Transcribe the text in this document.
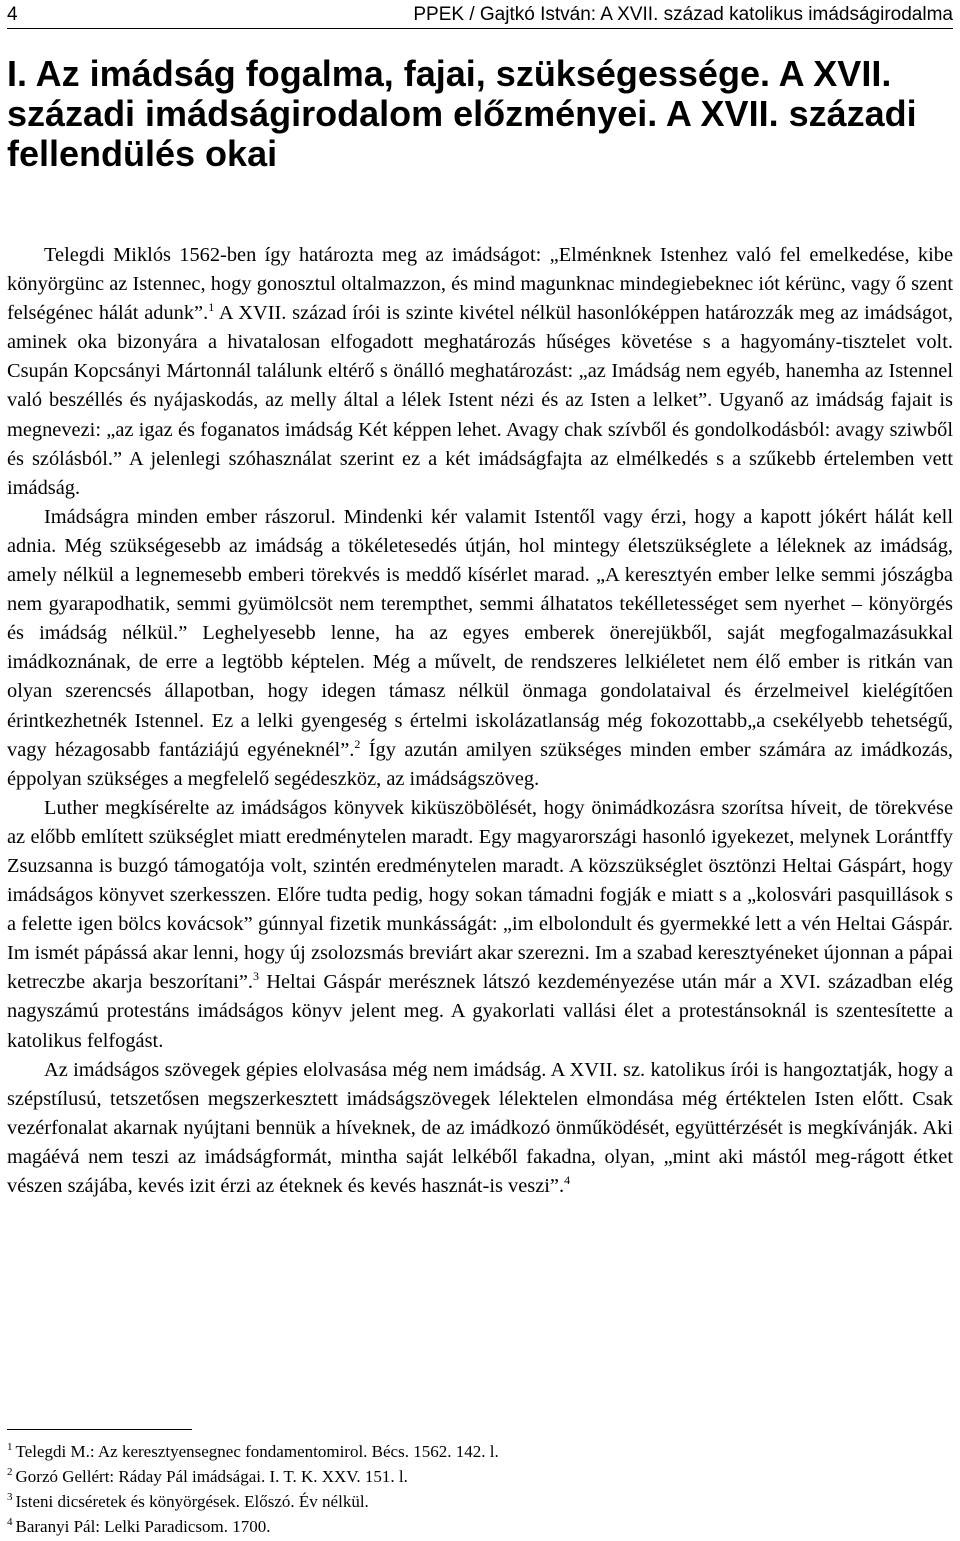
4	PPEK / Gajtkó István: A XVII. század katolikus imádságirodalma
I. Az imádság fogalma, fajai, szükségessége. A XVII. századi imádságirodalom előzményei. A XVII. századi fellendülés okai

Telegdi Miklós 1562-ben így határozta meg az imádságot: „Elménknek Istenhez való fel emelkedése, kibe könyörgünc az Istennec, hogy gonosztul oltalmazzon, és mind magunknac mindegiebeknec iót kérünc, vagy ő szent felségénec hálát adunk”.$^1$ A XVII. század írói is szinte kivétel nélkül hasonlóképpen határozzák meg az imádságot, aminek oka bizonyára a hivatalosan elfogadott meghatározás hűséges követése s a hagyomány-tisztelet volt. Csupán Kopcsányi Mártonnál találunk eltérő s önálló meghatározást: „az Imádság nem egyéb, hanemha az Istennel való beszéllés és nyájaskodás, az melly által a lélek Istent nézi és az Isten a lelket”. Ugyanő az imádság fajait is megnevezi: „az igaz és foganatos imádság Két képpen lehet. Avagy chak szívből és gondolkodásból: avagy sziwből és szólásból.” A jelenlegi szóhasználat szerint ez a két imádságfajta az elmélkedés s a szűkebb értelemben vett imádság.

Imádságra minden ember rászorul. Mindenki kér valamit Istentől vagy érzi, hogy a kapott jókért hálát kell adnia. Még szükségesebb az imádság a tökéletesedés útján, hol mintegy életszükséglete a léleknek az imádság, amely nélkül a legnemesebb emberi törekvés is meddő kísérlet marad. „A keresztyén ember lelke semmi jószágba nem gyarapodhatik, semmi gyümölcsöt nem terempthet, semmi álhatatos tekélletességet sem nyerhet – könyörgés és imádság nélkül.” Leghelyesebb lenne, ha az egyes emberek önerejükből, saját megfogalmazásukkal imádkoznának, de erre a legtöbb képtelen. Még a művelt, de rendszeres lelkiéletet nem élő ember is ritkán van olyan szerencsés állapotban, hogy idegen támasz nélkül önmaga gondolataival és érzelmeivel kielégítően érintkezhetnék Istennel. Ez a lelki gyengeség s értelmi iskolázatlanság még fokozottabb„a csekélyebb tehetségű, vagy hézagosabb fantáziájú egyéneknél”.$^2$ Így azután amilyen szükséges minden ember számára az imádkozás, éppolyan szükséges a megfelelő segédeszköz, az imádságszöveg.

Luther megkísérelte az imádságos könyvek kiküszöbölését, hogy önimádkozásra szorítsa híveit, de törekvése az előbb említett szükséglet miatt eredménytelen maradt. Egy magyarországi hasonló igyekezet, melynek Lorántffy Zsuzsanna is buzgó támogatója volt, szintén eredménytelen maradt. A közszükséglet ösztönzi Heltai Gáspárt, hogy imádságos könyvet szerkesszen. Előre tudta pedig, hogy sokan támadni fogják e miatt s a „kolosvári pasquillások s a felette igen bölcs kovácsok” gúnnyal fizetik munkásságát: „im elbolondult és gyermekké lett a vén Heltai Gáspár. Im ismét pápássá akar lenni, hogy új zsolozsmás breviárt akar szerezni. Im a szabad keresztyéneket újonnan a pápai ketreczbe akarja beszorítani”.$^3$ Heltai Gáspár merésznek látszó kezdeményezése után már a XVI. században elég nagyszámú protestáns imádságos könyv jelent meg. A gyakorlati vallási élet a protestánsoknál is szentesítette a katolikus felfogást.

Az imádságos szövegek gépies elolvasása még nem imádság. A XVII. sz. katolikus írói is hangoztatják, hogy a szépstílusú, tetszetősen megszerkesztett imádságszövegek lélektelen elmondása még értéktelen Isten előtt. Csak vezérfonalat akarnak nyújtani bennük a híveknek, de az imádkozó önműködését, együttérzését is megkívánják. Aki magáévá nem teszi az imádságformát, mintha saját lelkéből fakadna, olyan, „mint aki mástól meg-rágott étket vészen szájába, kevés izit érzi az éteknek és kevés hasznát-is veszi”.$^4$

$^1$ Telegdi M.: Az keresztyensegnec fondamentomirol. Bécs. 1562. 142. l.
$^2$ Gorzó Gellért: Ráday Pál imádságai. I. T. K. XXV. 151. l.
$^3$ Isteni dicséretek és könyörgések. Előszó. Év nélkül.
$^4$ Baranyi Pál: Lelki Paradicsom. 1700.
